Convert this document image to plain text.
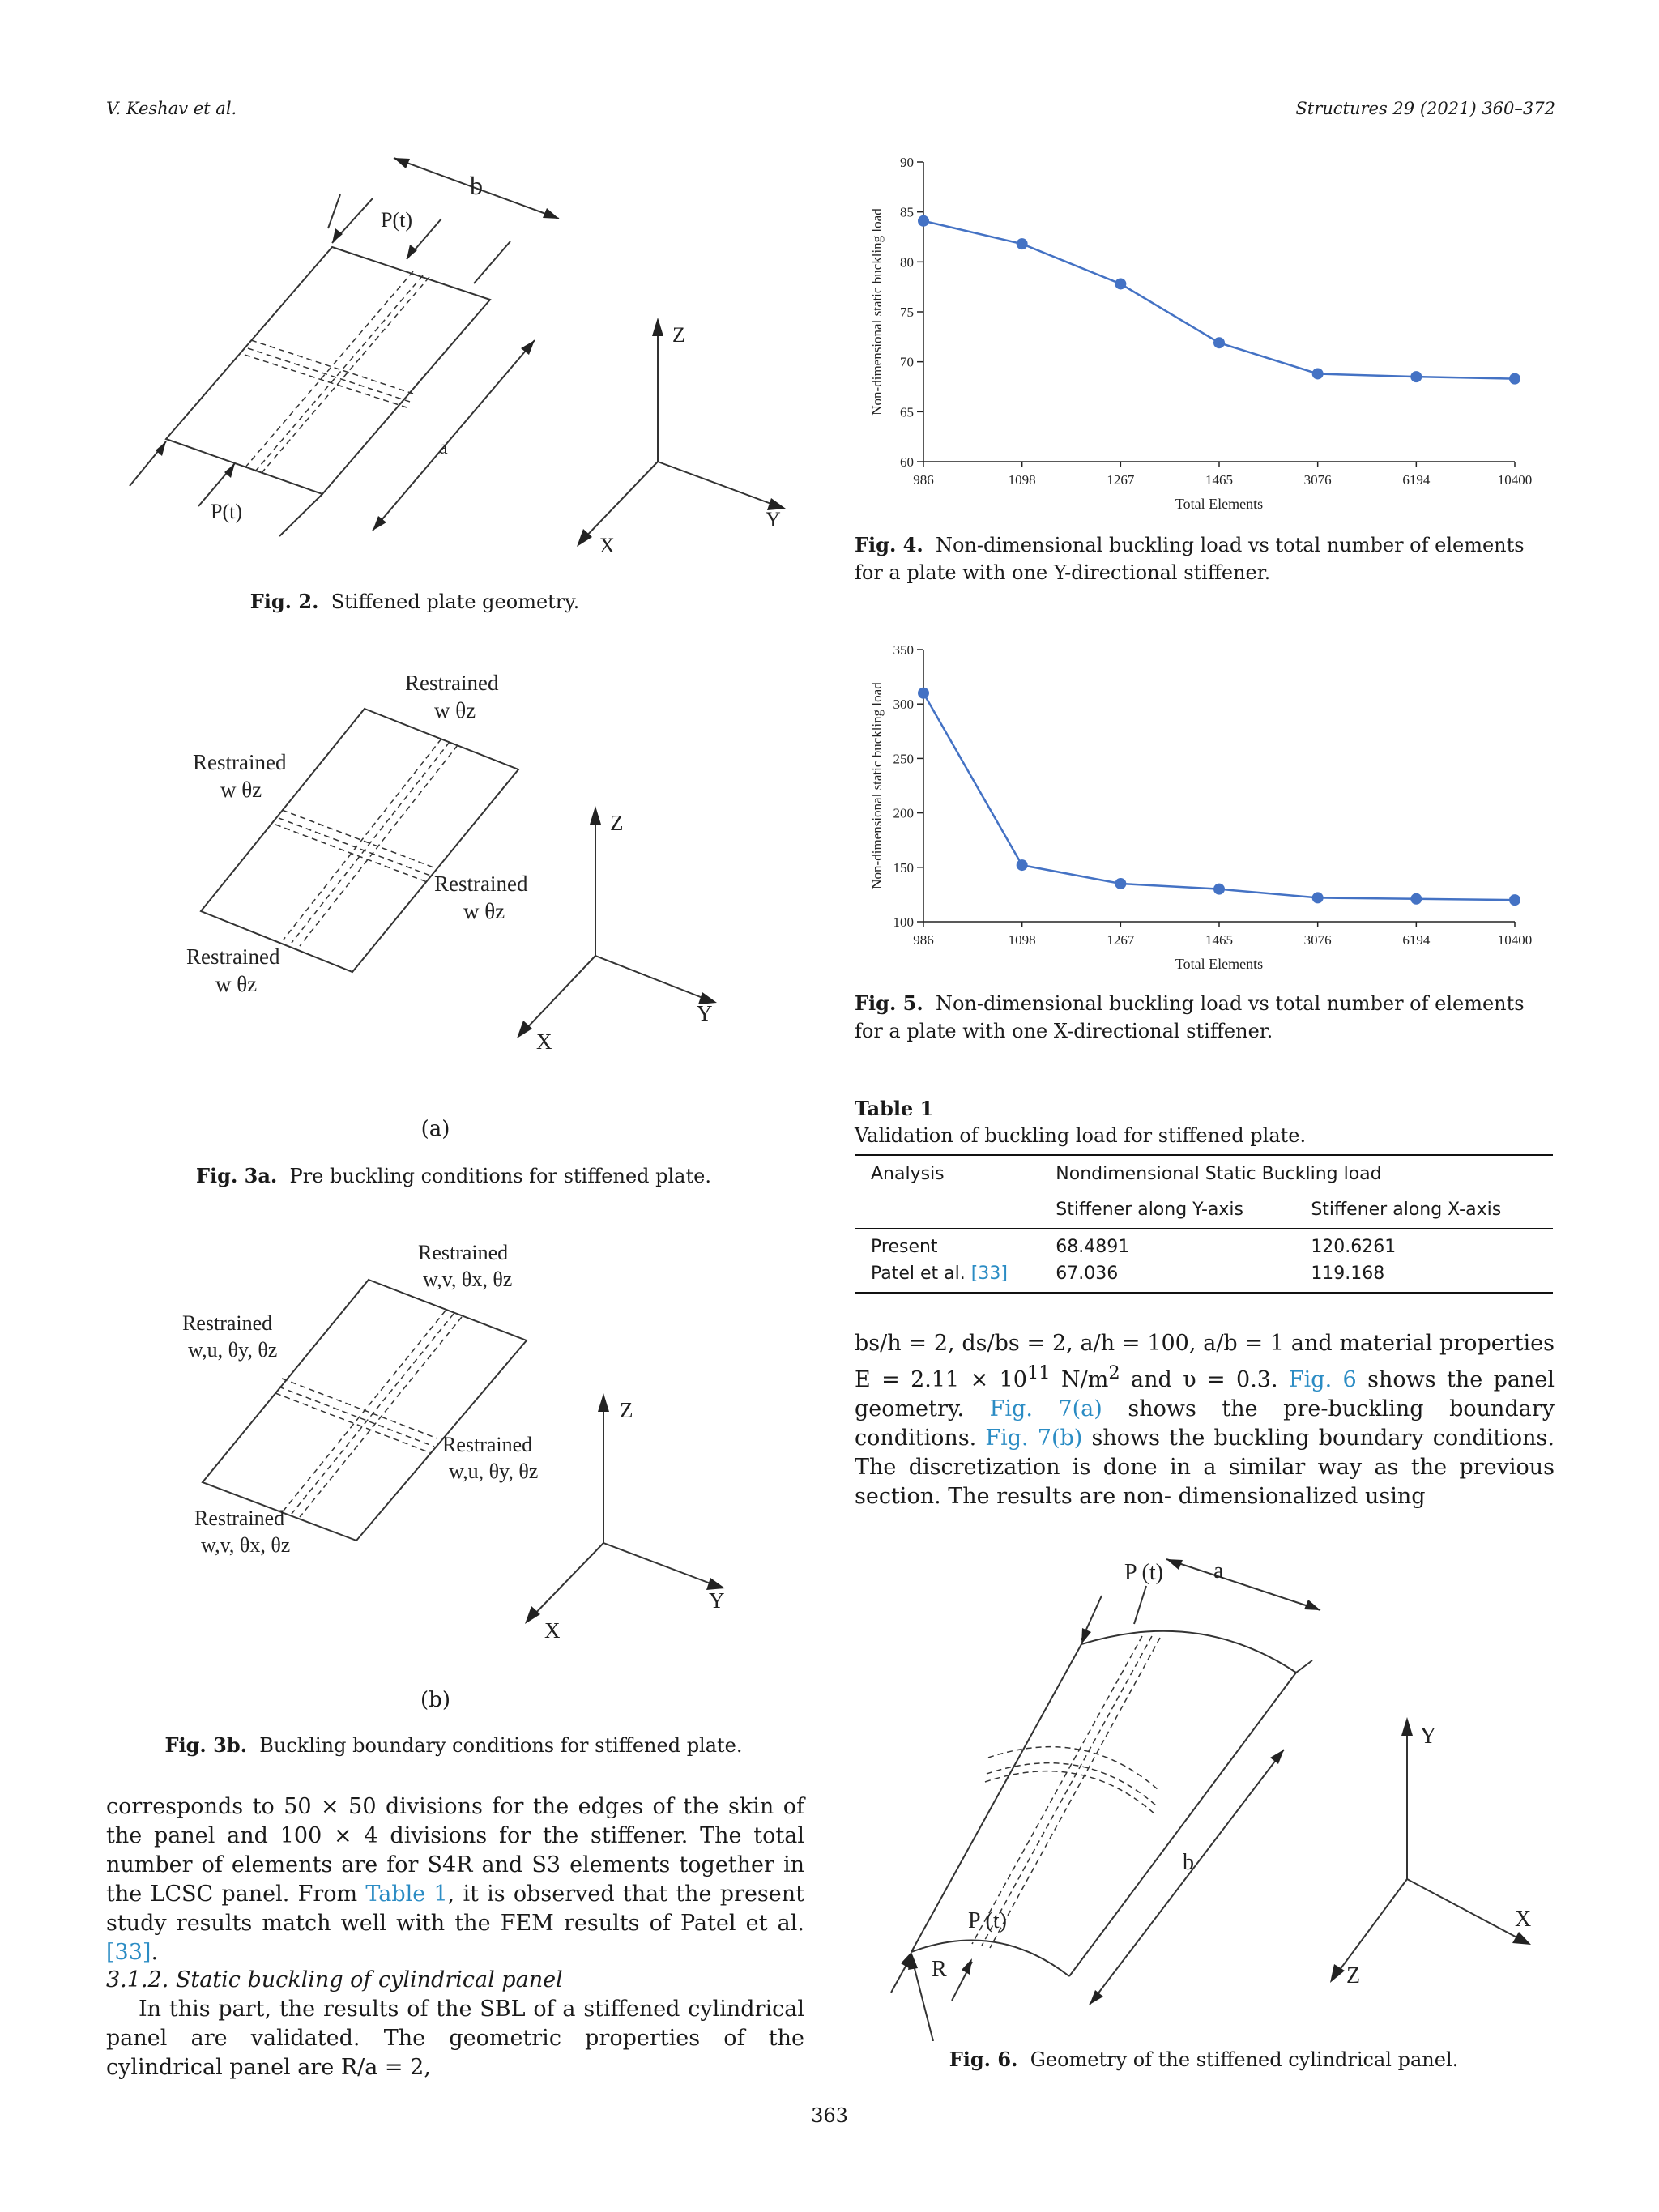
V. Keshav et al.	Structures 29 (2021) 360–372
b
a
P(t)
P(t)
Z
Y
X
Fig. 2. Stiffened plate geometry.
Restrained
w θz
Restrained
w θz
Restrained
w θz
Restrained
w θz
Z
Y
X
(a)
Fig. 3a. Pre buckling conditions for stiffened plate.
Restrained
w,v, θx, θz
Restrained
w,u, θy, θz
Restrained
w,u, θy, θz
Restrained
w,v, θx, θz
Z
Y
X
(b)
Fig. 3b. Buckling boundary conditions for stiffened plate.
corresponds to 50 × 50 divisions for the edges of the skin of the panel and 100 × 4 divisions for the stiffener. The total number of elements are for S4R and S3 elements together in the LCSC panel. From Table 1, it is observed that the present study results match well with the FEM results of Patel et al. [33].
3.1.2. Static buckling of cylindrical panel
In this part, the results of the SBL of a stiffened cylindrical panel are validated. The geometric properties of the cylindrical panel are R/a = 2,
60
65
70
75
80
85
90
986	1098	1267	1465	3076	6194	10400
Total Elements
Non-dimensional static buckling load
Fig. 4. Non-dimensional buckling load vs total number of elements for a plate with one Y-directional stiffener.
100
150
200
250
300
350
986	1098	1267	1465	3076	6194	10400
Total Elements
Non-dimensional static buckling load
Fig. 5. Non-dimensional buckling load vs total number of elements for a plate with one X-directional stiffener.
Table 1
Validation of buckling load for stiffened plate.
Analysis	Nondimensional Static Buckling load	
	Stiffener along Y-axis	Stiffener along X-axis
Present	68.4891	120.6261
Patel et al. [33]	67.036	119.168
bs/h = 2, ds/bs = 2, a/h = 100, a/b = 1 and material properties $E = 2.11 \times 10^{11}$ $N/m^2$ and υ = 0.3. Fig. 6 shows the panel geometry. Fig. 7(a) shows the pre-buckling boundary conditions. Fig. 7(b) shows the buckling boundary conditions. The discretization is done in a similar way as the previous section. The results are non- dimensionalized using
a
b
P (t)
P (t)
R
Y
X
Z
Fig. 6. Geometry of the stiffened cylindrical panel.
363
